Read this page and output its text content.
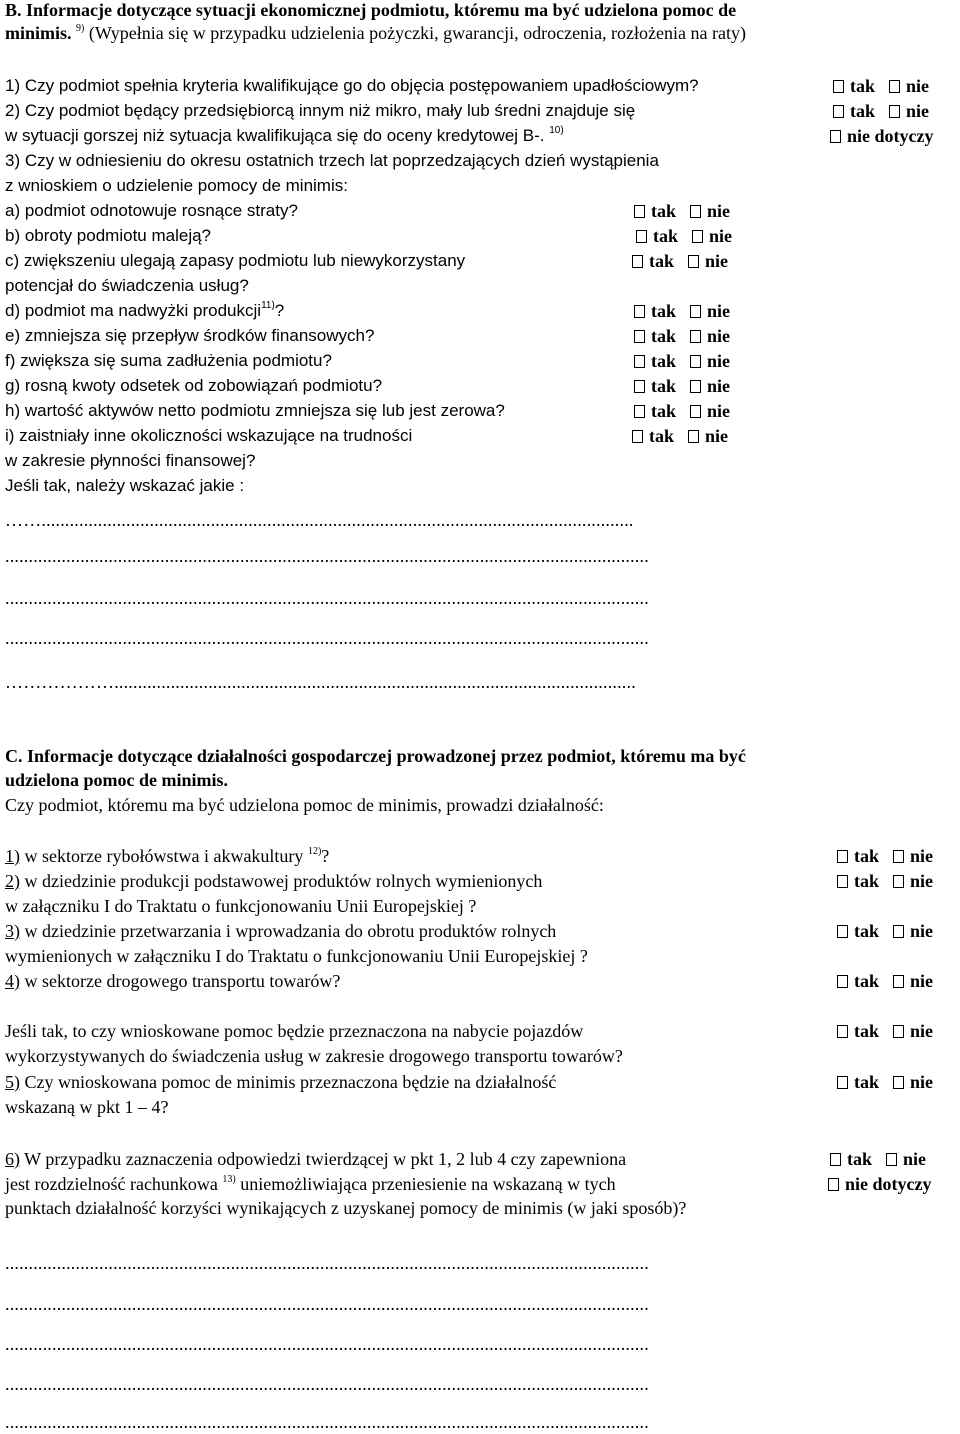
B. Informacje dotyczące sytuacji ekonomicznej podmiotu, któremu ma być udzielona pomoc de
minimis. $^{9)}$ (Wypełnia się w przypadku udzielenia pożyczki, gwarancji, odroczenia, rozłożenia na raty)
1) Czy podmiot spełnia kryteria kwalifikujące go do objęcia postępowaniem upadłościowym?	tak nie
2) Czy podmiot będący przedsiębiorcą innym niż mikro, mały lub średni znajduje się	tak nie
w sytuacji gorszej niż sytuacja kwalifikująca się do oceny kredytowej B-. $^{10)}$	nie dotyczy
3) Czy w odniesieniu do okresu ostatnich trzech lat poprzedzających dzień wystąpienia
z wnioskiem o udzielenie pomocy de minimis:
a) podmiot odnotowuje rosnące straty?	tak nie
b) obroty podmiotu maleją?	tak nie
c) zwiększeniu ulegają zapasy podmiotu lub niewykorzystany	tak nie
potencjał do świadczenia usług?
d) podmiot ma nadwyżki produkcji$^{11)}$?	tak nie
e) zmniejsza się przepływ środków finansowych?	tak nie
f) zwiększa się suma zadłużenia podmiotu?	tak nie
g) rosną kwoty odsetek od zobowiązań podmiotu?	tak nie
h) wartość aktywów netto podmiotu zmniejsza się lub jest zerowa?	tak nie
i) zaistniały inne okoliczności wskazujące na trudności	tak nie
w zakresie płynności finansowej?
Jeśli tak, należy wskazać jakie :
……..............................................................................................................................
.........................................................................................................................................
.........................................................................................................................................
.........................................................................................................................................
………………...............................................................................................................
C. Informacje dotyczące działalności gospodarczej prowadzonej przez podmiot, któremu ma być
udzielona pomoc de minimis.
Czy podmiot, któremu ma być udzielona pomoc de minimis, prowadzi działalność:
1) w sektorze rybołówstwa i akwakultury $^{12)}$?	tak nie
2) w dziedzinie produkcji podstawowej produktów rolnych wymienionych	tak nie
w załączniku I do Traktatu o funkcjonowaniu Unii Europejskiej ?
3) w dziedzinie przetwarzania i wprowadzania do obrotu produktów rolnych	tak nie
wymienionych w załączniku I do Traktatu o funkcjonowaniu Unii Europejskiej ?
4) w sektorze drogowego transportu towarów?	tak nie
Jeśli tak, to czy wnioskowane pomoc będzie przeznaczona na nabycie pojazdów	tak nie
wykorzystywanych do świadczenia usług w zakresie drogowego transportu towarów?
5) Czy wnioskowana pomoc de minimis przeznaczona będzie na działalność	tak nie
wskazaną w pkt 1 – 4?
6) W przypadku zaznaczenia odpowiedzi twierdzącej w pkt 1, 2 lub 4 czy zapewniona	tak nie
jest rozdzielność rachunkowa $^{13)}$ uniemożliwiająca przeniesienie na wskazaną w tych	nie dotyczy
punktach działalność korzyści wynikających z uzyskanej pomocy de minimis (w jaki sposób)?
.........................................................................................................................................
.........................................................................................................................................
.........................................................................................................................................
.........................................................................................................................................
.........................................................................................................................................
